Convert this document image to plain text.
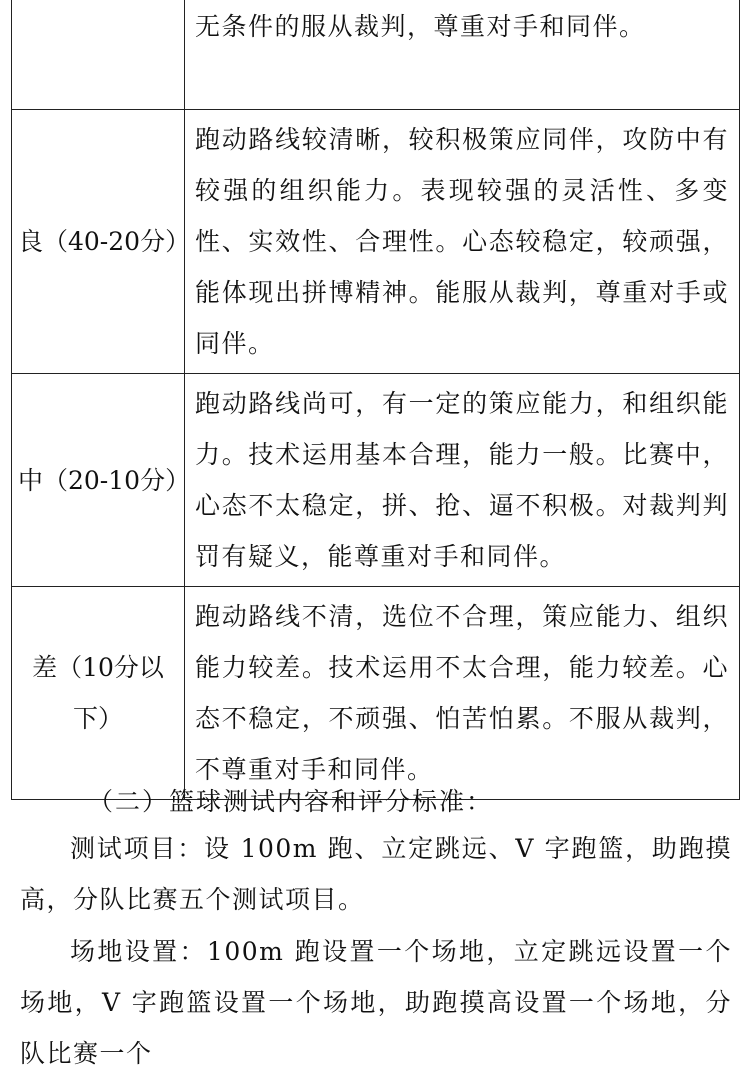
	无条件的服从裁判，尊重对手和同伴。
良（40-20分）	跑动路线较清晰，较积极策应同伴，攻防中有较强的组织能力。表现较强的灵活性、多变性、实效性、合理性。心态较稳定，较顽强，能体现出拼博精神。能服从裁判，尊重对手或同伴。
中（20-10分）	跑动路线尚可，有一定的策应能力，和组织能力。技术运用基本合理，能力一般。比赛中，心态不太稳定，拼、抢、逼不积极。对裁判判罚有疑义，能尊重对手和同伴。
差（10分以下）	跑动路线不清，选位不合理，策应能力、组织能力较差。技术运用不太合理，能力较差。心态不稳定，不顽强、怕苦怕累。不服从裁判，不尊重对手和同伴。
（二）篮球测试内容和评分标准：
测试项目：设 100m 跑、立定跳远、V 字跑篮，助跑摸高，分队比赛五个测试项目。
场地设置：100m 跑设置一个场地，立定跳远设置一个场地，V 字跑篮设置一个场地，助跑摸高设置一个场地，分队比赛一个
